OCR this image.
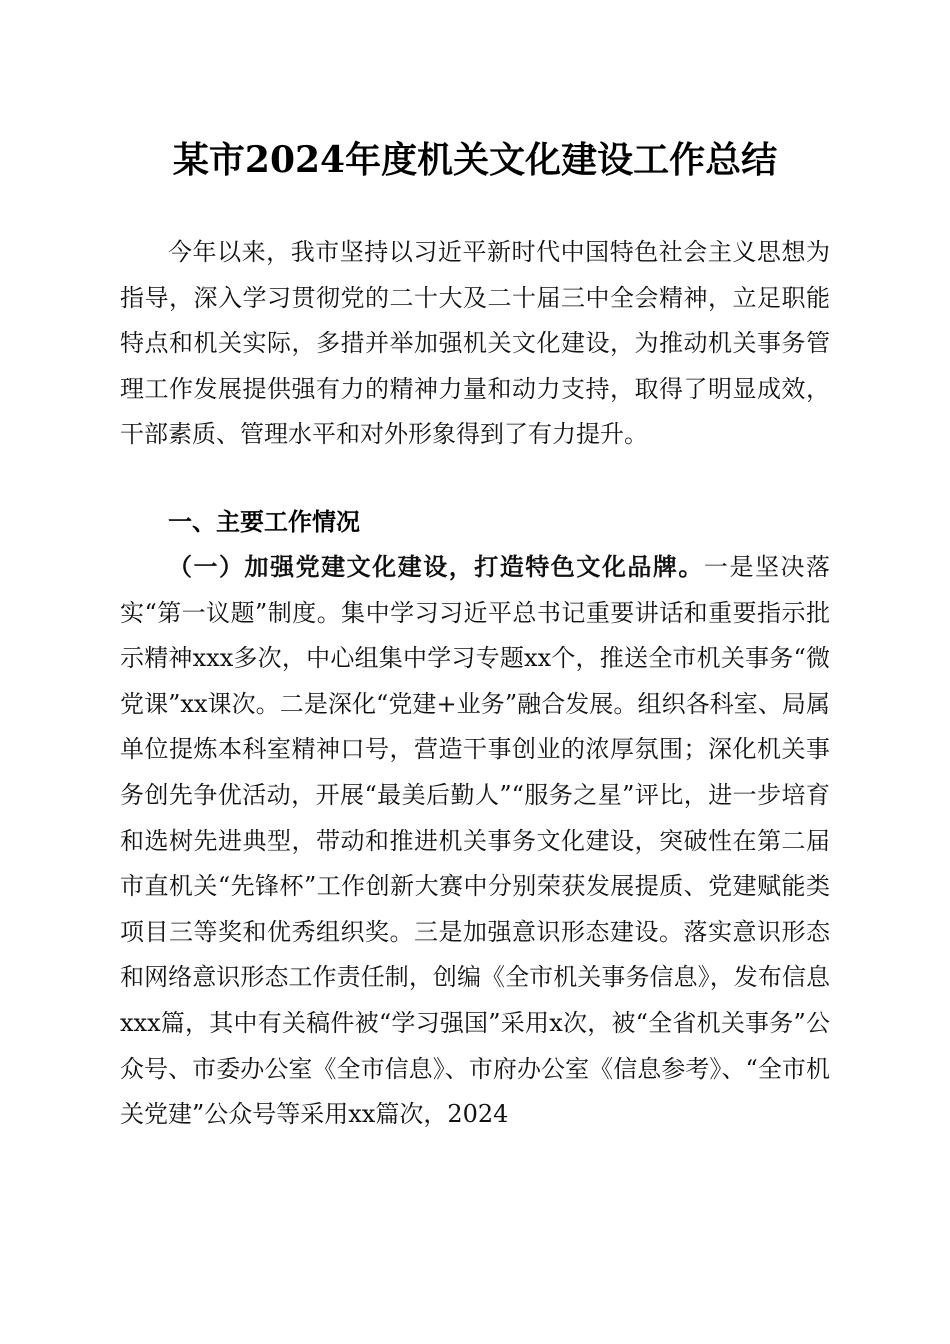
某市2024年度机关文化建设工作总结

今年以来，我市坚持以习近平新时代中国特色社会主义思想为指导，深入学习贯彻党的二十大及二十届三中全会精神，立足职能特点和机关实际，多措并举加强机关文化建设，为推动机关事务管理工作发展提供强有力的精神力量和动力支持，取得了明显成效，干部素质、管理水平和对外形象得到了有力提升。

一、主要工作情况

（一）加强党建文化建设，打造特色文化品牌。一是坚决落实“第一议题”制度。集中学习习近平总书记重要讲话和重要指示批示精神xxx多次，中心组集中学习专题xx个，推送全市机关事务“微党课”xx课次。二是深化“党建+业务”融合发展。组织各科室、局属单位提炼本科室精神口号，营造干事创业的浓厚氛围；深化机关事务创先争优活动，开展“最美后勤人”“服务之星”评比，进一步培育和选树先进典型，带动和推进机关事务文化建设，突破性在第二届市直机关“先锋杯”工作创新大赛中分别荣获发展提质、党建赋能类项目三等奖和优秀组织奖。三是加强意识形态建设。落实意识形态和网络意识形态工作责任制，创编《全市机关事务信息》，发布信息xxx篇，其中有关稿件被“学习强国”采用x次，被“全省机关事务”公众号、市委办公室《全市信息》、市府办公室《信息参考》、“全市机关党建”公众号等采用xx篇次，2024
